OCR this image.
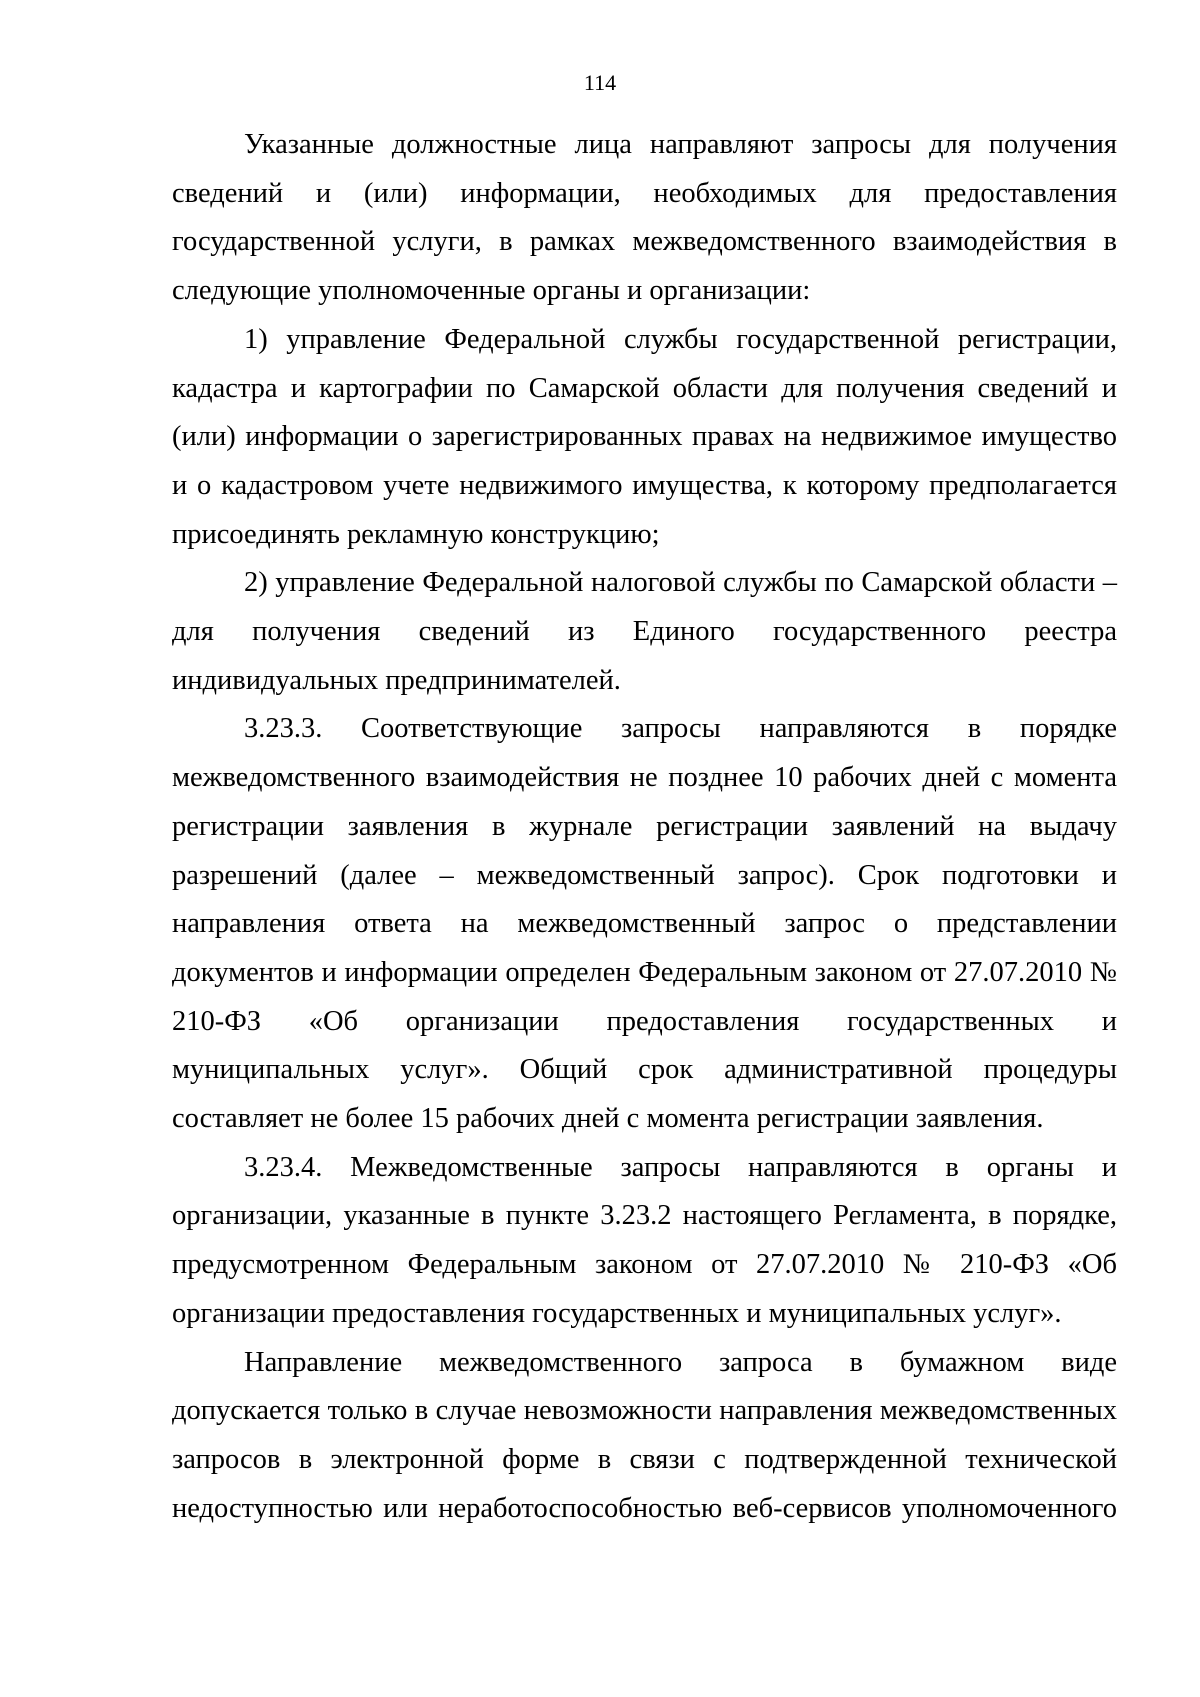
114

Указанные должностные лица направляют запросы для получения сведений и (или) информации, необходимых для предоставления государственной услуги, в рамках межведомственного взаимодействия в следующие уполномоченные органы и организации:

1) управление Федеральной службы государственной регистрации, кадастра и картографии по Самарской области для получения сведений и (или) информации о зарегистрированных правах на недвижимое имущество и о кадастровом учете недвижимого имущества, к которому предполагается присоединять рекламную конструкцию;

2) управление Федеральной налоговой службы по Самарской области – для получения сведений из Единого государственного реестра индивидуальных предпринимателей.

3.23.3. Соответствующие запросы направляются в порядке межведомственного взаимодействия не позднее 10 рабочих дней с момента регистрации заявления в журнале регистрации заявлений на выдачу разрешений (далее – межведомственный запрос). Срок подготовки и направления ответа на межведомственный запрос о представлении документов и информации определен Федеральным законом от 27.07.2010 № 210-ФЗ «Об организации предоставления государственных и муниципальных услуг». Общий срок административной процедуры составляет не более 15 рабочих дней с момента регистрации заявления.

3.23.4. Межведомственные запросы направляются в органы и организации, указанные в пункте 3.23.2 настоящего Регламента, в порядке, предусмотренном Федеральным законом от 27.07.2010 № 210-ФЗ «Об организации предоставления государственных и муниципальных услуг».

Направление межведомственного запроса в бумажном виде допускается только в случае невозможности направления межведомственных запросов в электронной форме в связи с подтвержденной технической недоступностью или неработоспособностью веб-сервисов уполномоченного
